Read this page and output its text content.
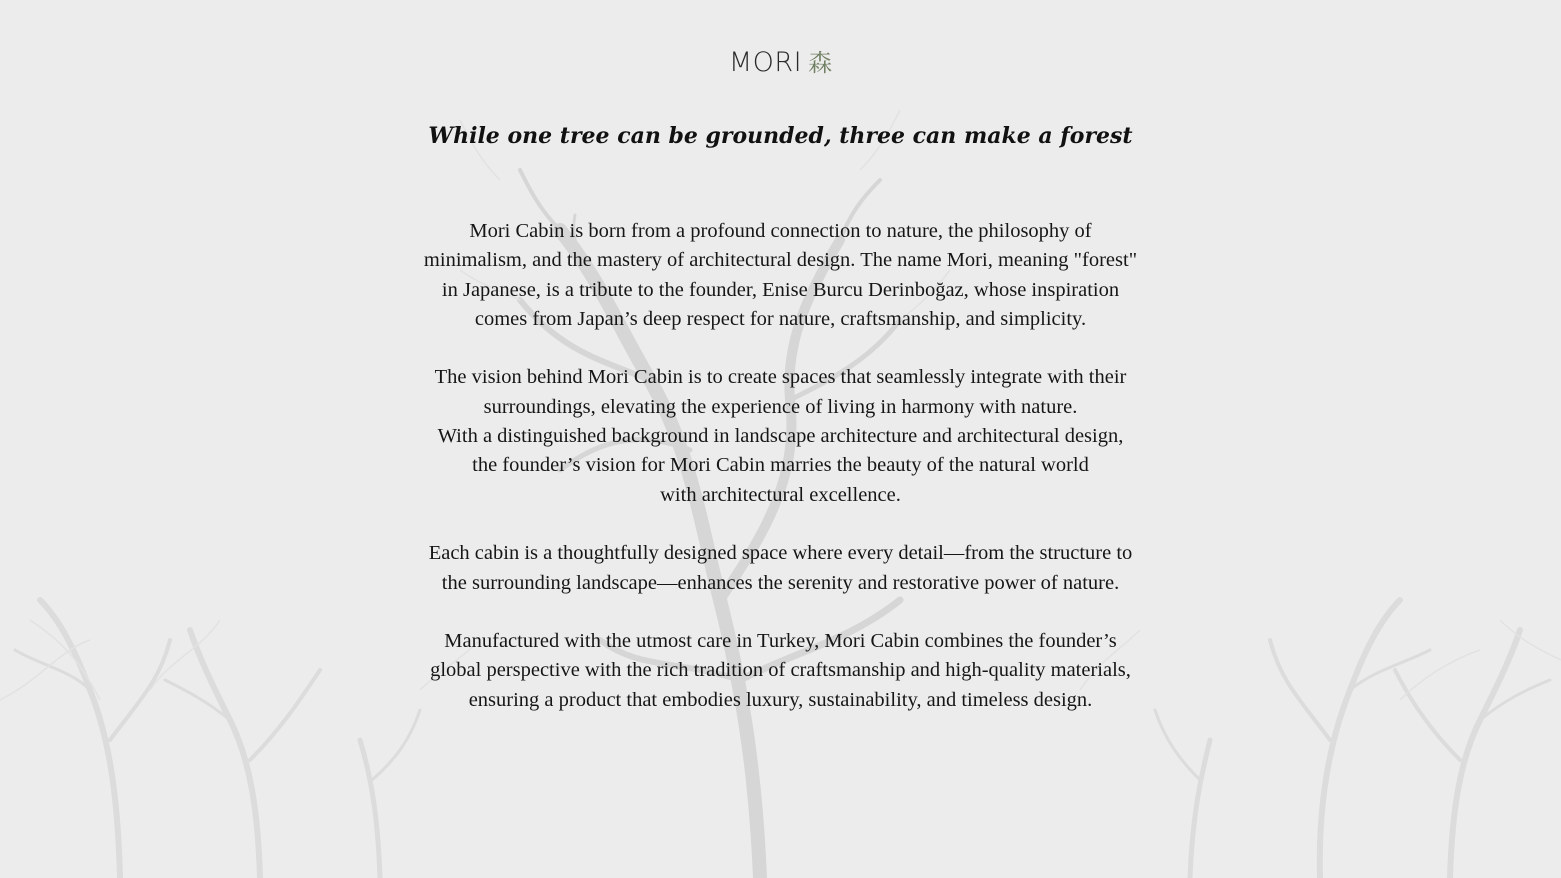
MORI 森
While one tree can be grounded, three can make a forest

Mori Cabin is born from a profound connection to nature, the philosophy of
minimalism, and the mastery of architectural design. The name Mori, meaning "forest"
in Japanese, is a tribute to the founder, Enise Burcu Derinboğaz, whose inspiration
comes from Japan’s deep respect for nature, craftsmanship, and simplicity.

The vision behind Mori Cabin is to create spaces that seamlessly integrate with their
surroundings, elevating the experience of living in harmony with nature.
With a distinguished background in landscape architecture and architectural design,
the founder’s vision for Mori Cabin marries the beauty of the natural world
with architectural excellence.

Each cabin is a thoughtfully designed space where every detail—from the structure to
the surrounding landscape—enhances the serenity and restorative power of nature.

Manufactured with the utmost care in Turkey, Mori Cabin combines the founder’s
global perspective with the rich tradition of craftsmanship and high-quality materials,
ensuring a product that embodies luxury, sustainability, and timeless design.
